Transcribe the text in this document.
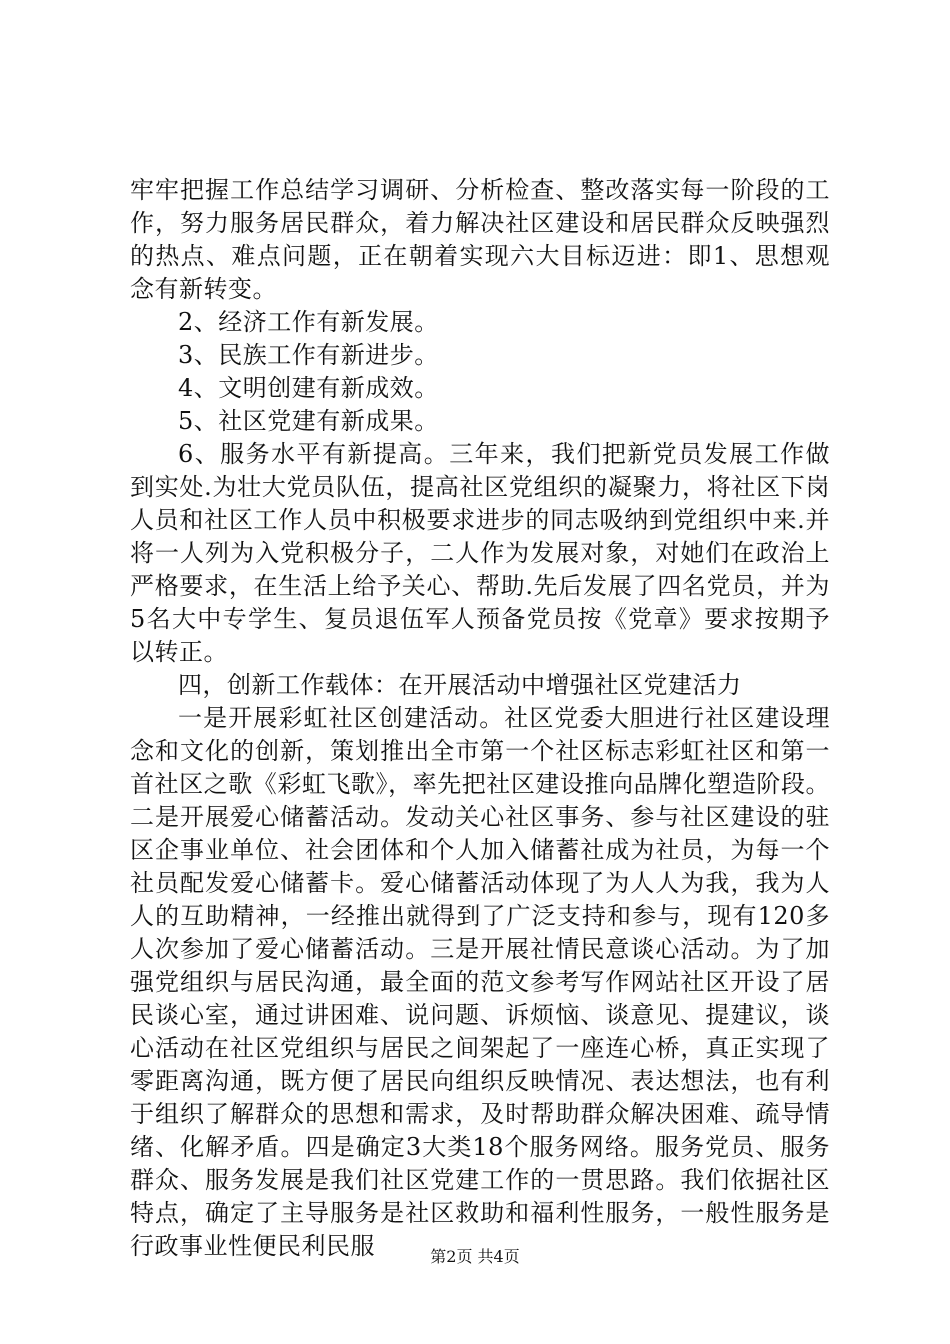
牢牢把握工作总结学习调研、分析检查、整改落实每一阶段的工作，努力服务居民群众，着力解决社区建设和居民群众反映强烈的热点、难点问题，正在朝着实现六大目标迈进：即1、思想观念有新转变。

2、经济工作有新发展。

3、民族工作有新进步。

4、文明创建有新成效。

5、社区党建有新成果。

6、服务水平有新提高。三年来，我们把新党员发展工作做到实处.为壮大党员队伍，提高社区党组织的凝聚力，将社区下岗人员和社区工作人员中积极要求进步的同志吸纳到党组织中来.并将一人列为入党积极分子，二人作为发展对象，对她们在政治上严格要求，在生活上给予关心、帮助.先后发展了四名党员，并为5名大中专学生、复员退伍军人预备党员按《党章》要求按期予以转正。

四，创新工作载体：在开展活动中增强社区党建活力

一是开展彩虹社区创建活动。社区党委大胆进行社区建设理念和文化的创新，策划推出全市第一个社区标志彩虹社区和第一首社区之歌《彩虹飞歌》，率先把社区建设推向品牌化塑造阶段。二是开展爱心储蓄活动。发动关心社区事务、参与社区建设的驻区企事业单位、社会团体和个人加入储蓄社成为社员，为每一个社员配发爱心储蓄卡。爱心储蓄活动体现了为人人为我，我为人人的互助精神，一经推出就得到了广泛支持和参与，现有120多人次参加了爱心储蓄活动。三是开展社情民意谈心活动。为了加强党组织与居民沟通，最全面的范文参考写作网站社区开设了居民谈心室，通过讲困难、说问题、诉烦恼、谈意见、提建议，谈心活动在社区党组织与居民之间架起了一座连心桥，真正实现了零距离沟通，既方便了居民向组织反映情况、表达想法，也有利于组织了解群众的思想和需求，及时帮助群众解决困难、疏导情绪、化解矛盾。四是确定3大类18个服务网络。服务党员、服务群众、服务发展是我们社区党建工作的一贯思路。我们依据社区特点，确定了主导服务是社区救助和福利性服务，一般性服务是行政事业性便民利民服	第2页 共4页
